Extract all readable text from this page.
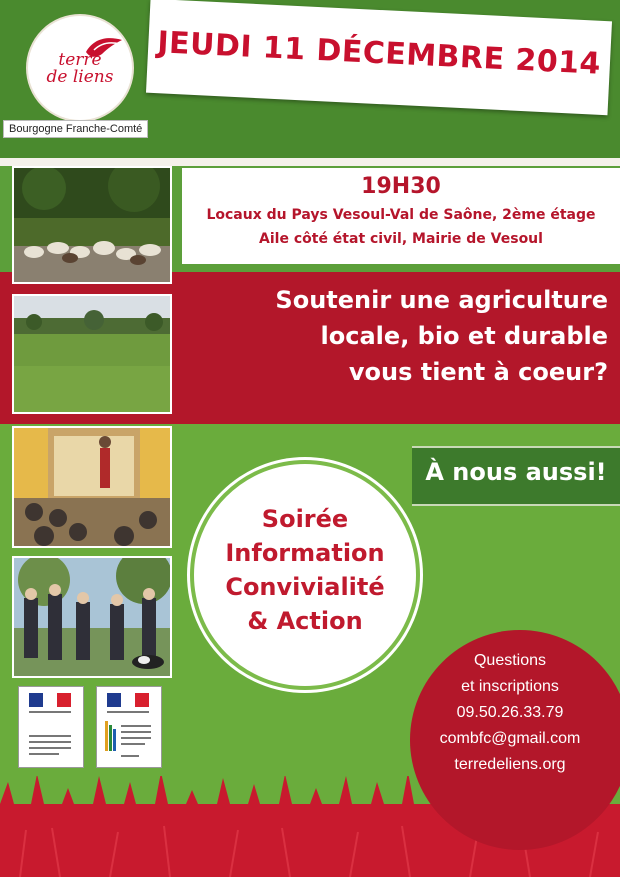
terre
de liens
Bourgogne Franche-Comté
JEUDI 11 DÉCEMBRE 2014
19H30
Locaux du Pays Vesoul-Val de Saône, 2ème étage
Aile côté état civil, Mairie de Vesoul
Soutenir une agriculture
locale, bio et durable
vous tient à coeur?
À nous aussi!
Questions
et inscriptions
09.50.26.33.79
combfc@gmail.com
terredeliens.org
Soirée
Information
Convivialité
& Action
